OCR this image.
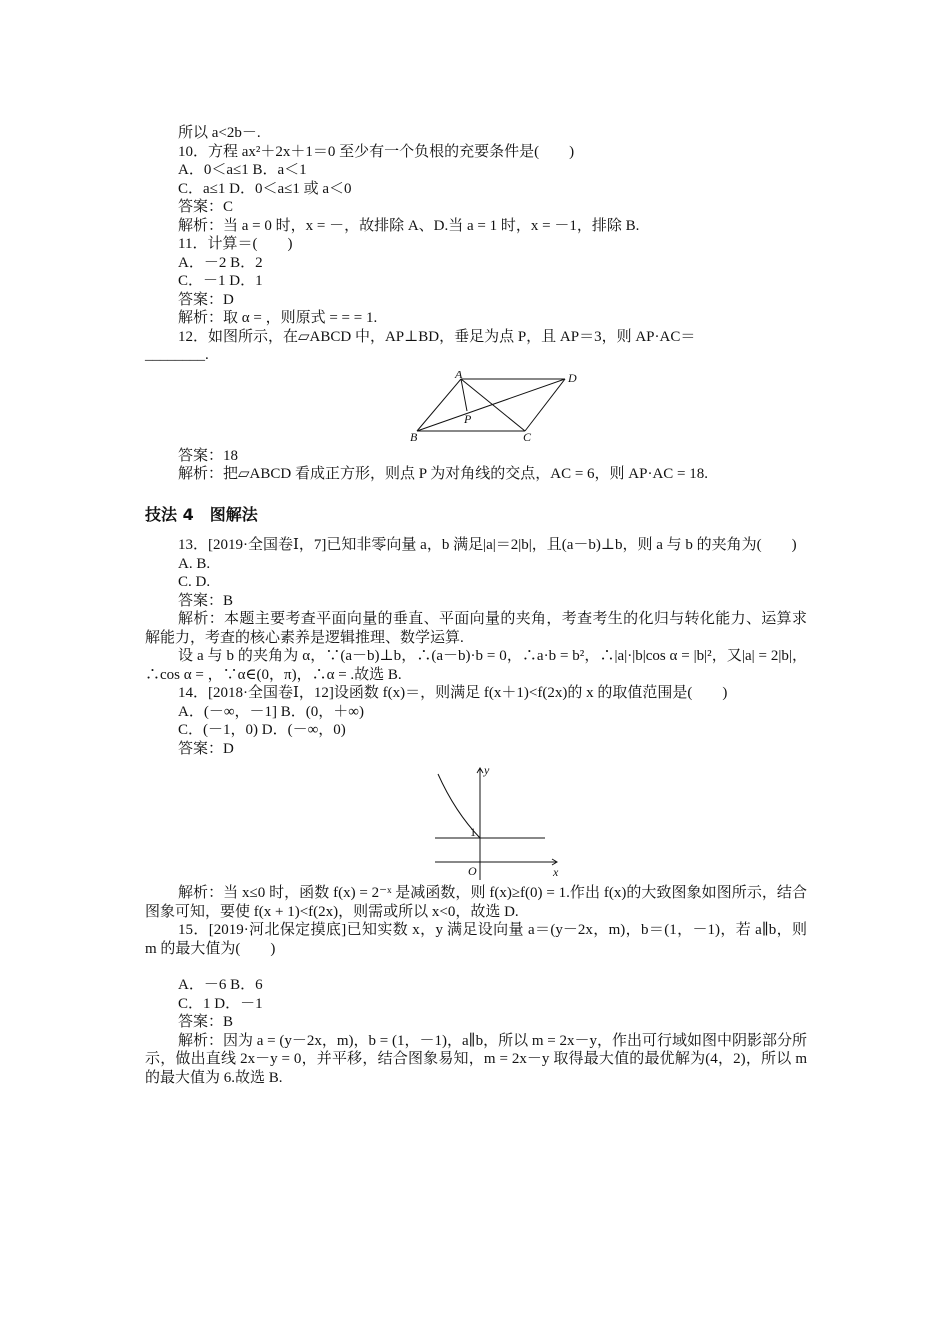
所以 a<2b－.
10．方程 ax²＋2x＋1＝0 至少有一个负根的充要条件是(　　)
A．0＜a≤1 B．a＜1
C．a≤1 D．0＜a≤1 或 a＜0
答案：C
解析：当 a = 0 时，x = －，故排除 A、D.当 a = 1 时，x = －1，排除 B.
11．计算＝(　　)
A．－2 B．2
C．－1 D．1
答案：D
解析：取 α = ，则原式 = = = 1.
12．如图所示，在▱ABCD 中，AP⊥BD，垂足为点 P，且 AP＝3，则 AP·AC＝
________.
A	D
B	C
P
答案：18
解析：把▱ABCD 看成正方形，则点 P 为对角线的交点，AC = 6，则 AP·AC = 18.
技法 4　图解法
13．[2019·全国卷Ⅰ，7]已知非零向量 a，b 满足|a|＝2|b|，且(a－b)⊥b，则 a 与 b 的夹角为(　　)
A. B.
C. D.
答案：B
解析：本题主要考查平面向量的垂直、平面向量的夹角，考查考生的化归与转化能力、运算求解能力，考查的核心素养是逻辑推理、数学运算.
设 a 与 b 的夹角为 α，∵(a－b)⊥b，∴(a－b)·b = 0，∴a·b = b²，∴|a|·|b|cos α = |b|²，又|a| = 2|b|，∴cos α = ，∵α∈(0，π)，∴α = .故选 B.
14．[2018·全国卷Ⅰ，12]设函数 f(x)＝，则满足 f(x＋1)<f(2x)的 x 的取值范围是(　　)
A．(－∞，－1] B．(0，＋∞)
C．(－1，0) D．(－∞，0)
答案：D
y
x
1
O
解析：当 x≤0 时，函数 f(x) = 2⁻ˣ 是减函数，则 f(x)≥f(0) = 1.作出 f(x)的大致图象如图所示，结合图象可知，要使 f(x + 1)<f(2x)，则需或所以 x<0，故选 D.
15．[2019·河北保定摸底]已知实数 x，y 满足设向量 a＝(y－2x，m)，b＝(1，－1)，若 a∥b，则 m 的最大值为(　　)
A．－6 B．6
C．1 D．－1
答案：B
解析：因为 a = (y－2x，m)，b = (1，－1)，a∥b，所以 m = 2x－y，作出可行域如图中阴影部分所示，做出直线 2x－y = 0，并平移，结合图象易知，m = 2x－y 取得最大值的最优解为(4，2)，所以 m 的最大值为 6.故选 B.
